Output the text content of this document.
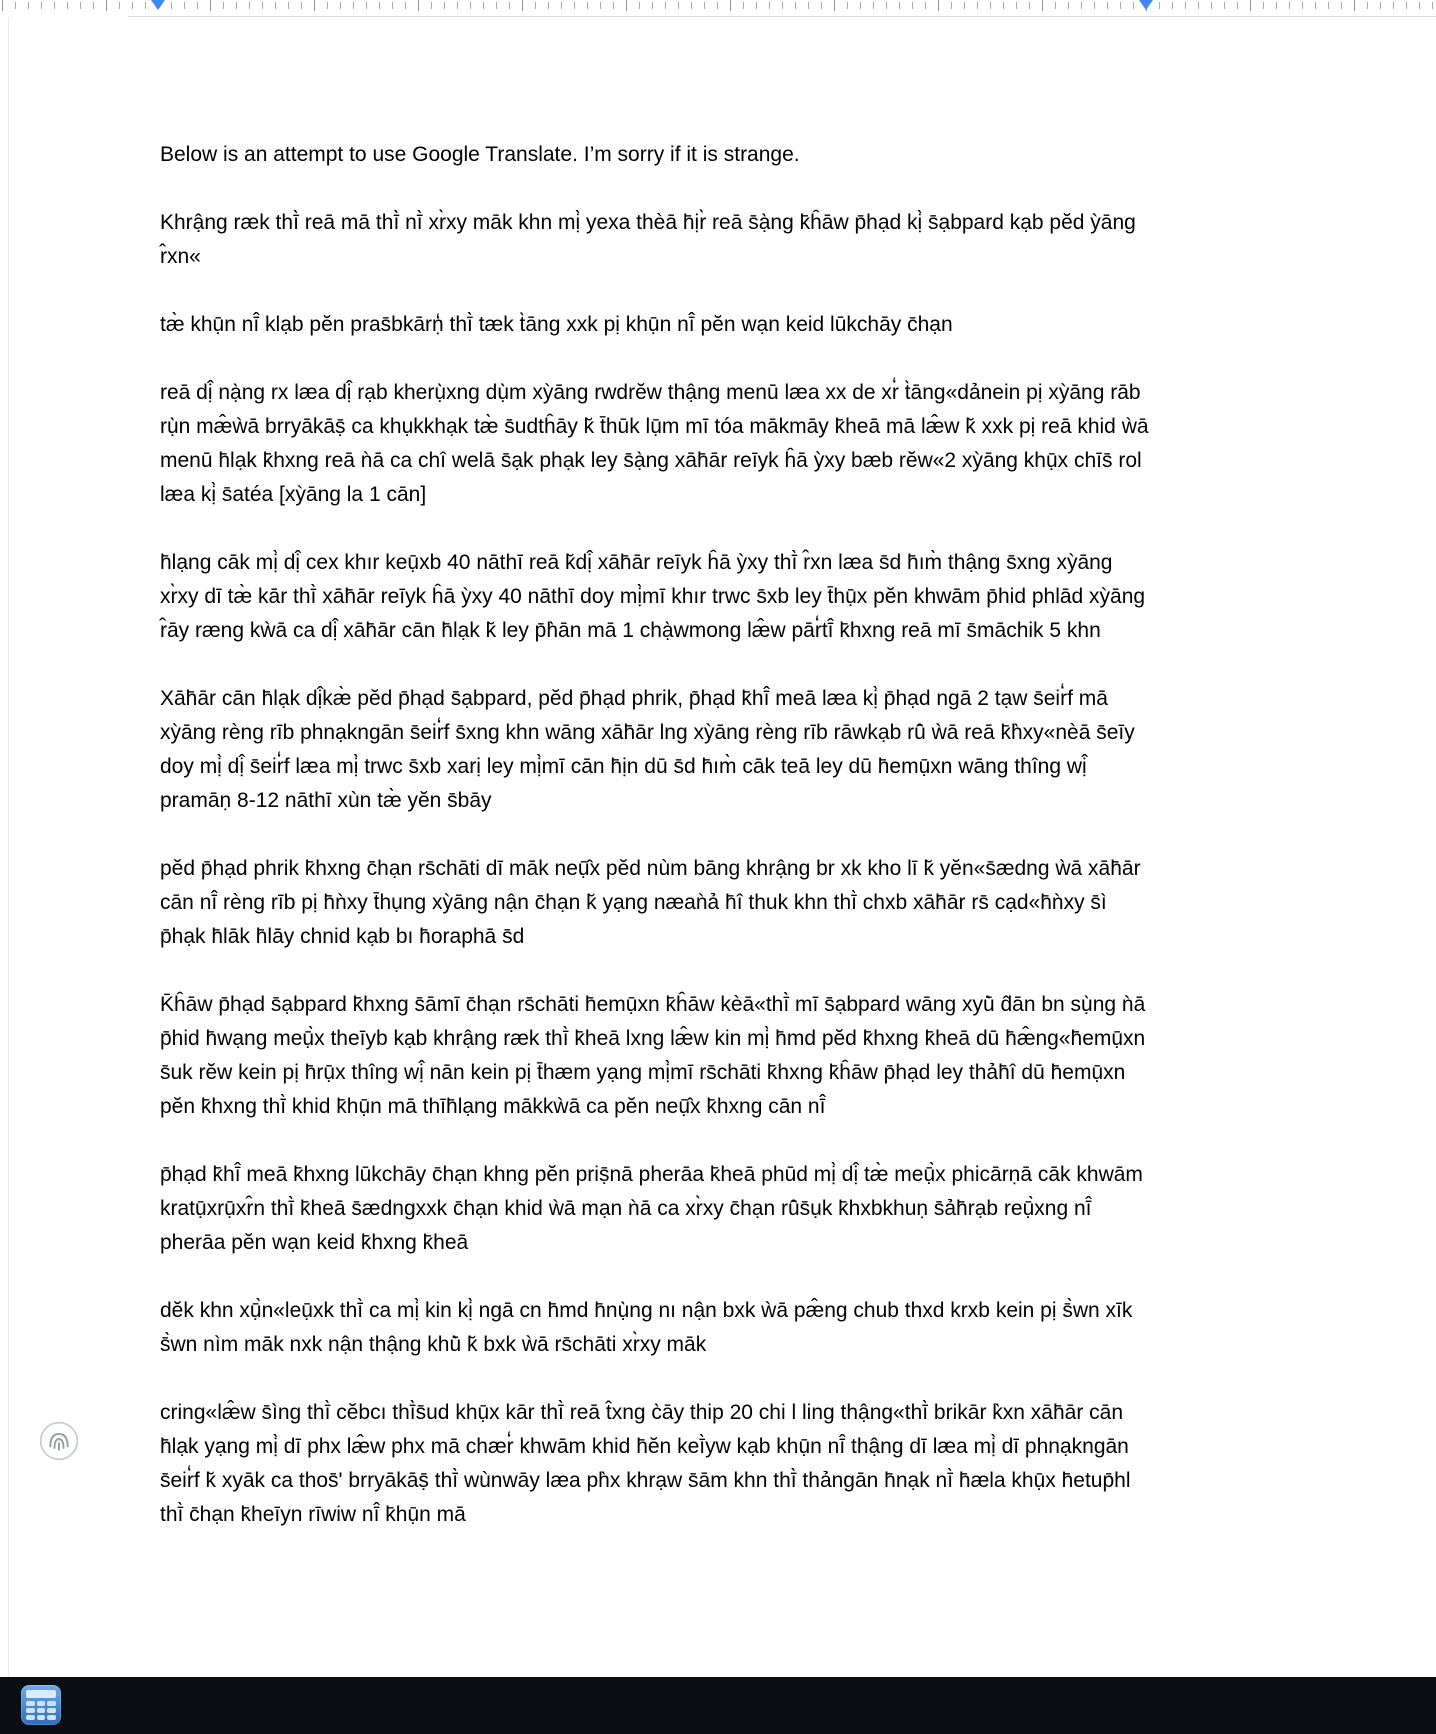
Below is an attempt to use Google Translate. I’m sorry if it is strange.

Khrậng ræk thī̀ reā mā thī̀ nī̀ xr̀xy māk khn mị̀ yexa thèā h̄ịr̀ reā s̄ạ̀ng k̄ĥāw p̄hạd kị̀ s̄ạbpard kạb pĕd ỳāng r̂xn«

tæ̀ khụ̄n nī̂ klạb pĕn pras̄bkārṇ̒ thī̀ tæk t̀āng xxk pị khụ̄n nī̂ pĕn wạn keid lūkchāy c̄hạn

reā dị̂ nạ̀ng rx læa dị̂ rạb kherụ̀xng dụ̀m xỳāng rwdrĕw thậng menū læa xx de xr̒ t̀āng«dảnein pị xỳāng rāb rụ̀n mæ̂ẁā brryākāṣ̄ ca khụkkhạk tæ̀ s̄udtĥāy k̆ t̄hūk lụ̄m mī tóa mākmāy k̄heā mā læ̂w k̆ xxk pị reā khid ẁā menū h̄lạk k̄hxng reā ǹā ca chî welā s̄ạk phạk ley s̄ạ̀ng xāh̄ār reīyk ĥā ỳxy bæb rĕw«2 xỳāng khụ̄x chīs̄ rol læa kị̀ s̄atéa [xỳāng la 1 cān]

h̄lạng cāk mị̀ dị̂ cex khır keụ̄xb 40 nāthī reā k̆dị̂ xāh̄ār reīyk ĥā ỳxy thī̀ r̂xn læa s̄d h̄ım̀ thậng s̄xng xỳāng xr̀xy dī tæ̀ kār thī̀ xāh̄ār reīyk ĥā ỳxy 40 nāthī doy mị̀mī khır trwc s̄xb ley t̄hụ̄x pĕn khwām p̄hid phlād xỳāng r̂āy ræng kẁā ca dị̂ xāh̄ār cān h̄lạk k̆ ley p̄h̀ān mā 1 chạ̀wmong læ̂w pār̒tī̂ k̄hxng reā mī s̄māchik 5 khn

Xāh̄ār cān h̄lạk dị̂kæ̀ pĕd p̄hạd s̄ạbpard, pĕd p̄hạd phrik, p̄hạd k̄hī̂ meā læa kị̀ p̄hạd ngā 2 tạw s̄eir̒f mā xỳāng rèng rīb phnạkngān s̄eir̒f s̄xng khn wāng xāh̄ār lng xỳāng rèng rīb rāwkạb rū̂ ẁā reā k̄h̀xy«nèā s̄eīy doy mị̀ dị̂ s̄eir̒f læa mị̀ trwc s̄xb xarị ley mị̀mī cān h̄ịn dū s̄d h̄ım̀ cāk teā ley dū h̄emụ̄xn wāng thîng wị̂ pramāṇ 8-12 nāthī xùn tæ̀ yĕn s̄bāy

pĕd p̄hạd phrik k̄hxng c̄hạn rs̄chāti dī māk neụ̄̂x pĕd nùm bāng khrậng br xk kho lī k̆ yĕn«s̄ædng ẁā xāh̄ār cān nī̂ rèng rīb pị h̄ǹxy t̄hụng xỳāng nận c̄hạn k̆ yạng næaǹả h̄î thuk khn thī̀ chxb xāh̄ār rs̄ cạd«h̄ǹxy s̄ì p̄hạk h̄lāk h̄lāy chnid kạb bı h̄oraphā s̄d

K̄ĥāw p̄hạd s̄ạbpard k̄hxng s̄āmī c̄hạn rs̄chāti h̄emụ̄xn k̄ĥāw kèā«thī̀ mī s̄ạbpard wāng xyū̀ d̂ān bn sụ̀ng ǹā p̄hid h̄wạng meụ̄̀x theīyb kạb khrậng ræk thī̀ k̄heā lxng læ̂w kin mị̀ h̄md pĕd k̄hxng k̄heā dū h̄æ̂ng«h̄emụ̄xn s̄uk rĕw kein pị h̄rụ̄x thîng wị̂ nān kein pị t̄hæm yạng mị̀mī rs̄chāti k̄hxng k̄ĥāw p̄hạd ley thảh̄î dū h̄emụ̄xn pĕn k̄hxng thī̀ khid k̄hụ̄n mā thīh̄lạng mākkẁā ca pĕn neụ̄̂x k̄hxng cān nī̂

p̄hạd k̄hī̂ meā k̄hxng lūkchāy c̄hạn khng pĕn priṣ̄nā pherāa k̄heā phūd mị̀ dị̂ tæ̀ meụ̄̀x phicārṇā cāk khwām kratụ̄xrụ̄xr̂n thī̀ k̄heā s̄ædngxxk c̄hạn khid ẁā mạn ǹā ca xr̀xy c̄hạn rū̂s̄ụk k̄hxbkhuṇ s̄ảh̄rạb reụ̄̀xng nī̂ pherāa pĕn wạn keid k̄hxng k̄heā

dĕk khn xụ̄̀n«leụ̄xk thī̀ ca mị̀ kin kị̀ ngā cn h̄md h̄nụ̀ng nı nận bxk ẁā pæ̂ng chub thxd krxb kein pị s̄̀wn xīk s̄̀wn nìm māk nxk nận thậng khū̀ k̆ bxk ẁā rs̄chāti xr̀xy māk

cring«læ̂w s̄ìng thī̀ cĕbcı thī̀s̄ud khụ̄x kār thī̀ reā t̂xng c̀āy thip 20 chi l ling thậng«thī̀ brikār k̀xn xāh̄ār cān h̄lạk yạng mị̀ dī phx læ̂w phx mā chær̒ khwām khid h̄ĕn keī̀yw kạb khụ̄n nī̂ thậng dī læa mị̀ dī phnạkngān s̄eir̒f k̆ xyāk ca thos̄' brryākāṣ̄ thī̀ wùnwāy læa ph̀x khrạw s̄ām khn thī̀ thảngān h̄nạk nī̀ h̄æla khụ̄x h̄etup̄hl thī̀ c̄hạn k̄heīyn rīwiw nī̂ k̄hụ̄n mā
